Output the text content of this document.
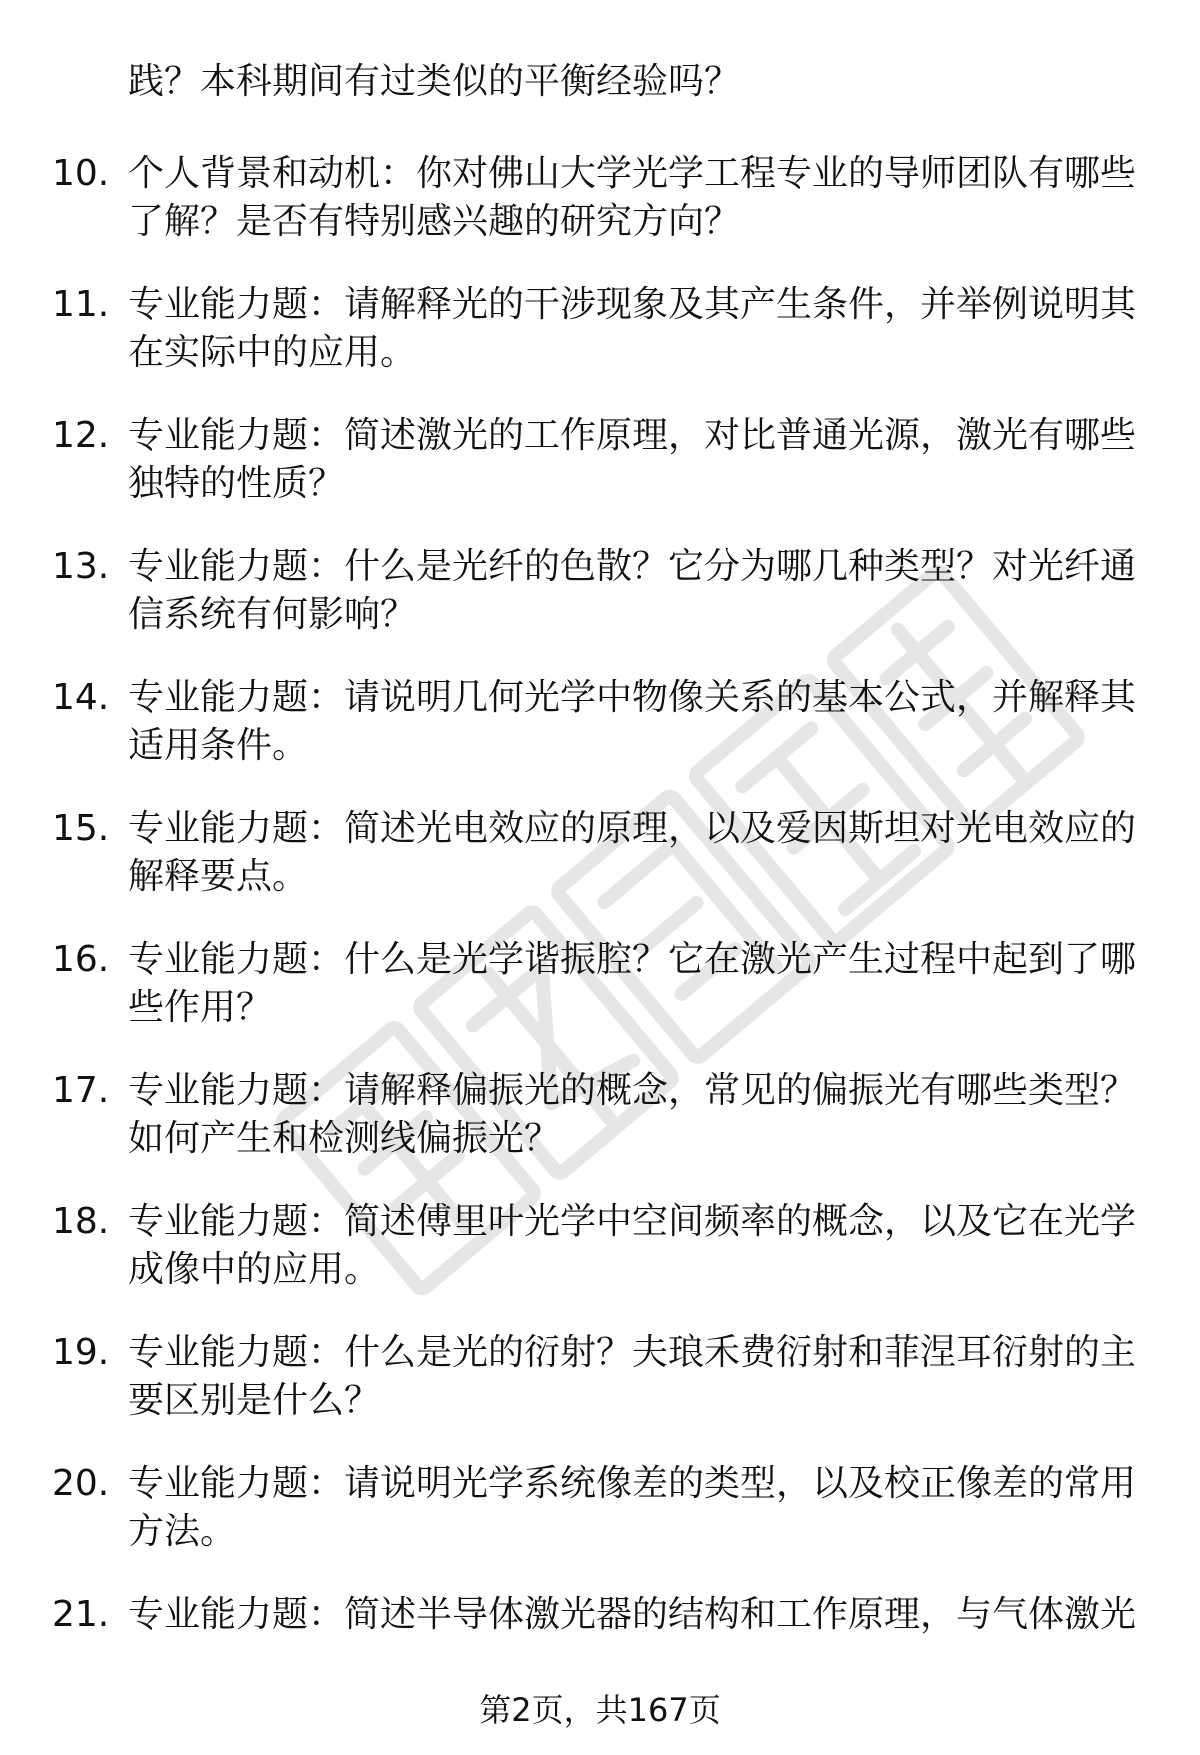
践？本科期间有过类似的平衡经验吗？
10. 个人背景和动机：你对佛山大学光学工程专业的导师团队有哪些
了解？是否有特别感兴趣的研究方向？
11. 专业能力题：请解释光的干涉现象及其产生条件，并举例说明其
在实际中的应用。
12. 专业能力题：简述激光的工作原理，对比普通光源，激光有哪些
独特的性质？
13. 专业能力题：什么是光纤的色散？它分为哪几种类型？对光纤通
信系统有何影响？
14. 专业能力题：请说明几何光学中物像关系的基本公式，并解释其
适用条件。
15. 专业能力题：简述光电效应的原理，以及爱因斯坦对光电效应的
解释要点。
16. 专业能力题：什么是光学谐振腔？它在激光产生过程中起到了哪
些作用？
17. 专业能力题：请解释偏振光的概念，常见的偏振光有哪些类型？
如何产生和检测线偏振光？
18. 专业能力题：简述傅里叶光学中空间频率的概念，以及它在光学
成像中的应用。
19. 专业能力题：什么是光的衍射？夫琅禾费衍射和菲涅耳衍射的主
要区别是什么？
20. 专业能力题：请说明光学系统像差的类型，以及校正像差的常用
方法。
21. 专业能力题：简述半导体激光器的结构和工作原理，与气体激光
第2页，共167页
